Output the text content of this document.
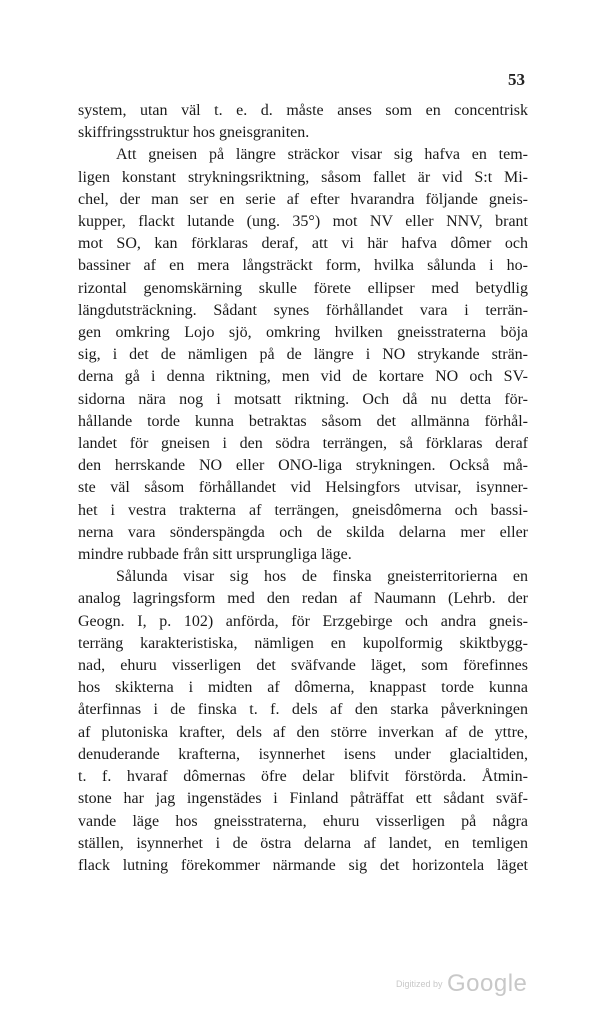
53
system, utan väl t. e. d. måste anses som en concentrisk
skiffringsstruktur hos gneisgraniten.
Att gneisen på längre sträckor visar sig hafva en tem-
ligen konstant strykningsriktning, såsom fallet är vid S:t Mi-
chel, der man ser en serie af efter hvarandra följande gneis-
kupper, flackt lutande (ung. 35°) mot NV eller NNV, brant
mot SO, kan förklaras deraf, att vi här hafva dômer och
bassiner af en mera långsträckt form, hvilka sålunda i ho-
rizontal genomskärning skulle förete ellipser med betydlig
längdutsträckning. Sådant synes förhållandet vara i terrän-
gen omkring Lojo sjö, omkring hvilken gneisstraterna böja
sig, i det de nämligen på de längre i NO strykande strän-
derna gå i denna riktning, men vid de kortare NO och SV-
sidorna nära nog i motsatt riktning. Och då nu detta för-
hållande torde kunna betraktas såsom det allmänna förhål-
landet för gneisen i den södra terrängen, så förklaras deraf
den herrskande NO eller ONO-liga strykningen. Också må-
ste väl såsom förhållandet vid Helsingfors utvisar, isynner-
het i vestra trakterna af terrängen, gneisdômerna och bassi-
nerna vara sönderspängda och de skilda delarna mer eller
mindre rubbade från sitt ursprungliga läge.
Sålunda visar sig hos de finska gneisterritorierna en
analog lagringsform med den redan af Naumann (Lehrb. der
Geogn. I, p. 102) anförda, för Erzgebirge och andra gneis-
terräng karakteristiska, nämligen en kupolformig skiktbygg-
nad, ehuru visserligen det sväfvande läget, som förefinnes
hos skikterna i midten af dômerna, knappast torde kunna
återfinnas i de finska t. f. dels af den starka påverkningen
af plutoniska krafter, dels af den större inverkan af de yttre,
denuderande krafterna, isynnerhet isens under glacialtiden,
t. f. hvaraf dômernas öfre delar blifvit förstörda. Åtmin-
stone har jag ingenstädes i Finland påträffat ett sådant sväf-
vande läge hos gneisstraterna, ehuru visserligen på några
ställen, isynnerhet i de östra delarna af landet, en temligen
flack lutning förekommer närmande sig det horizontela läget
Digitized by Google
